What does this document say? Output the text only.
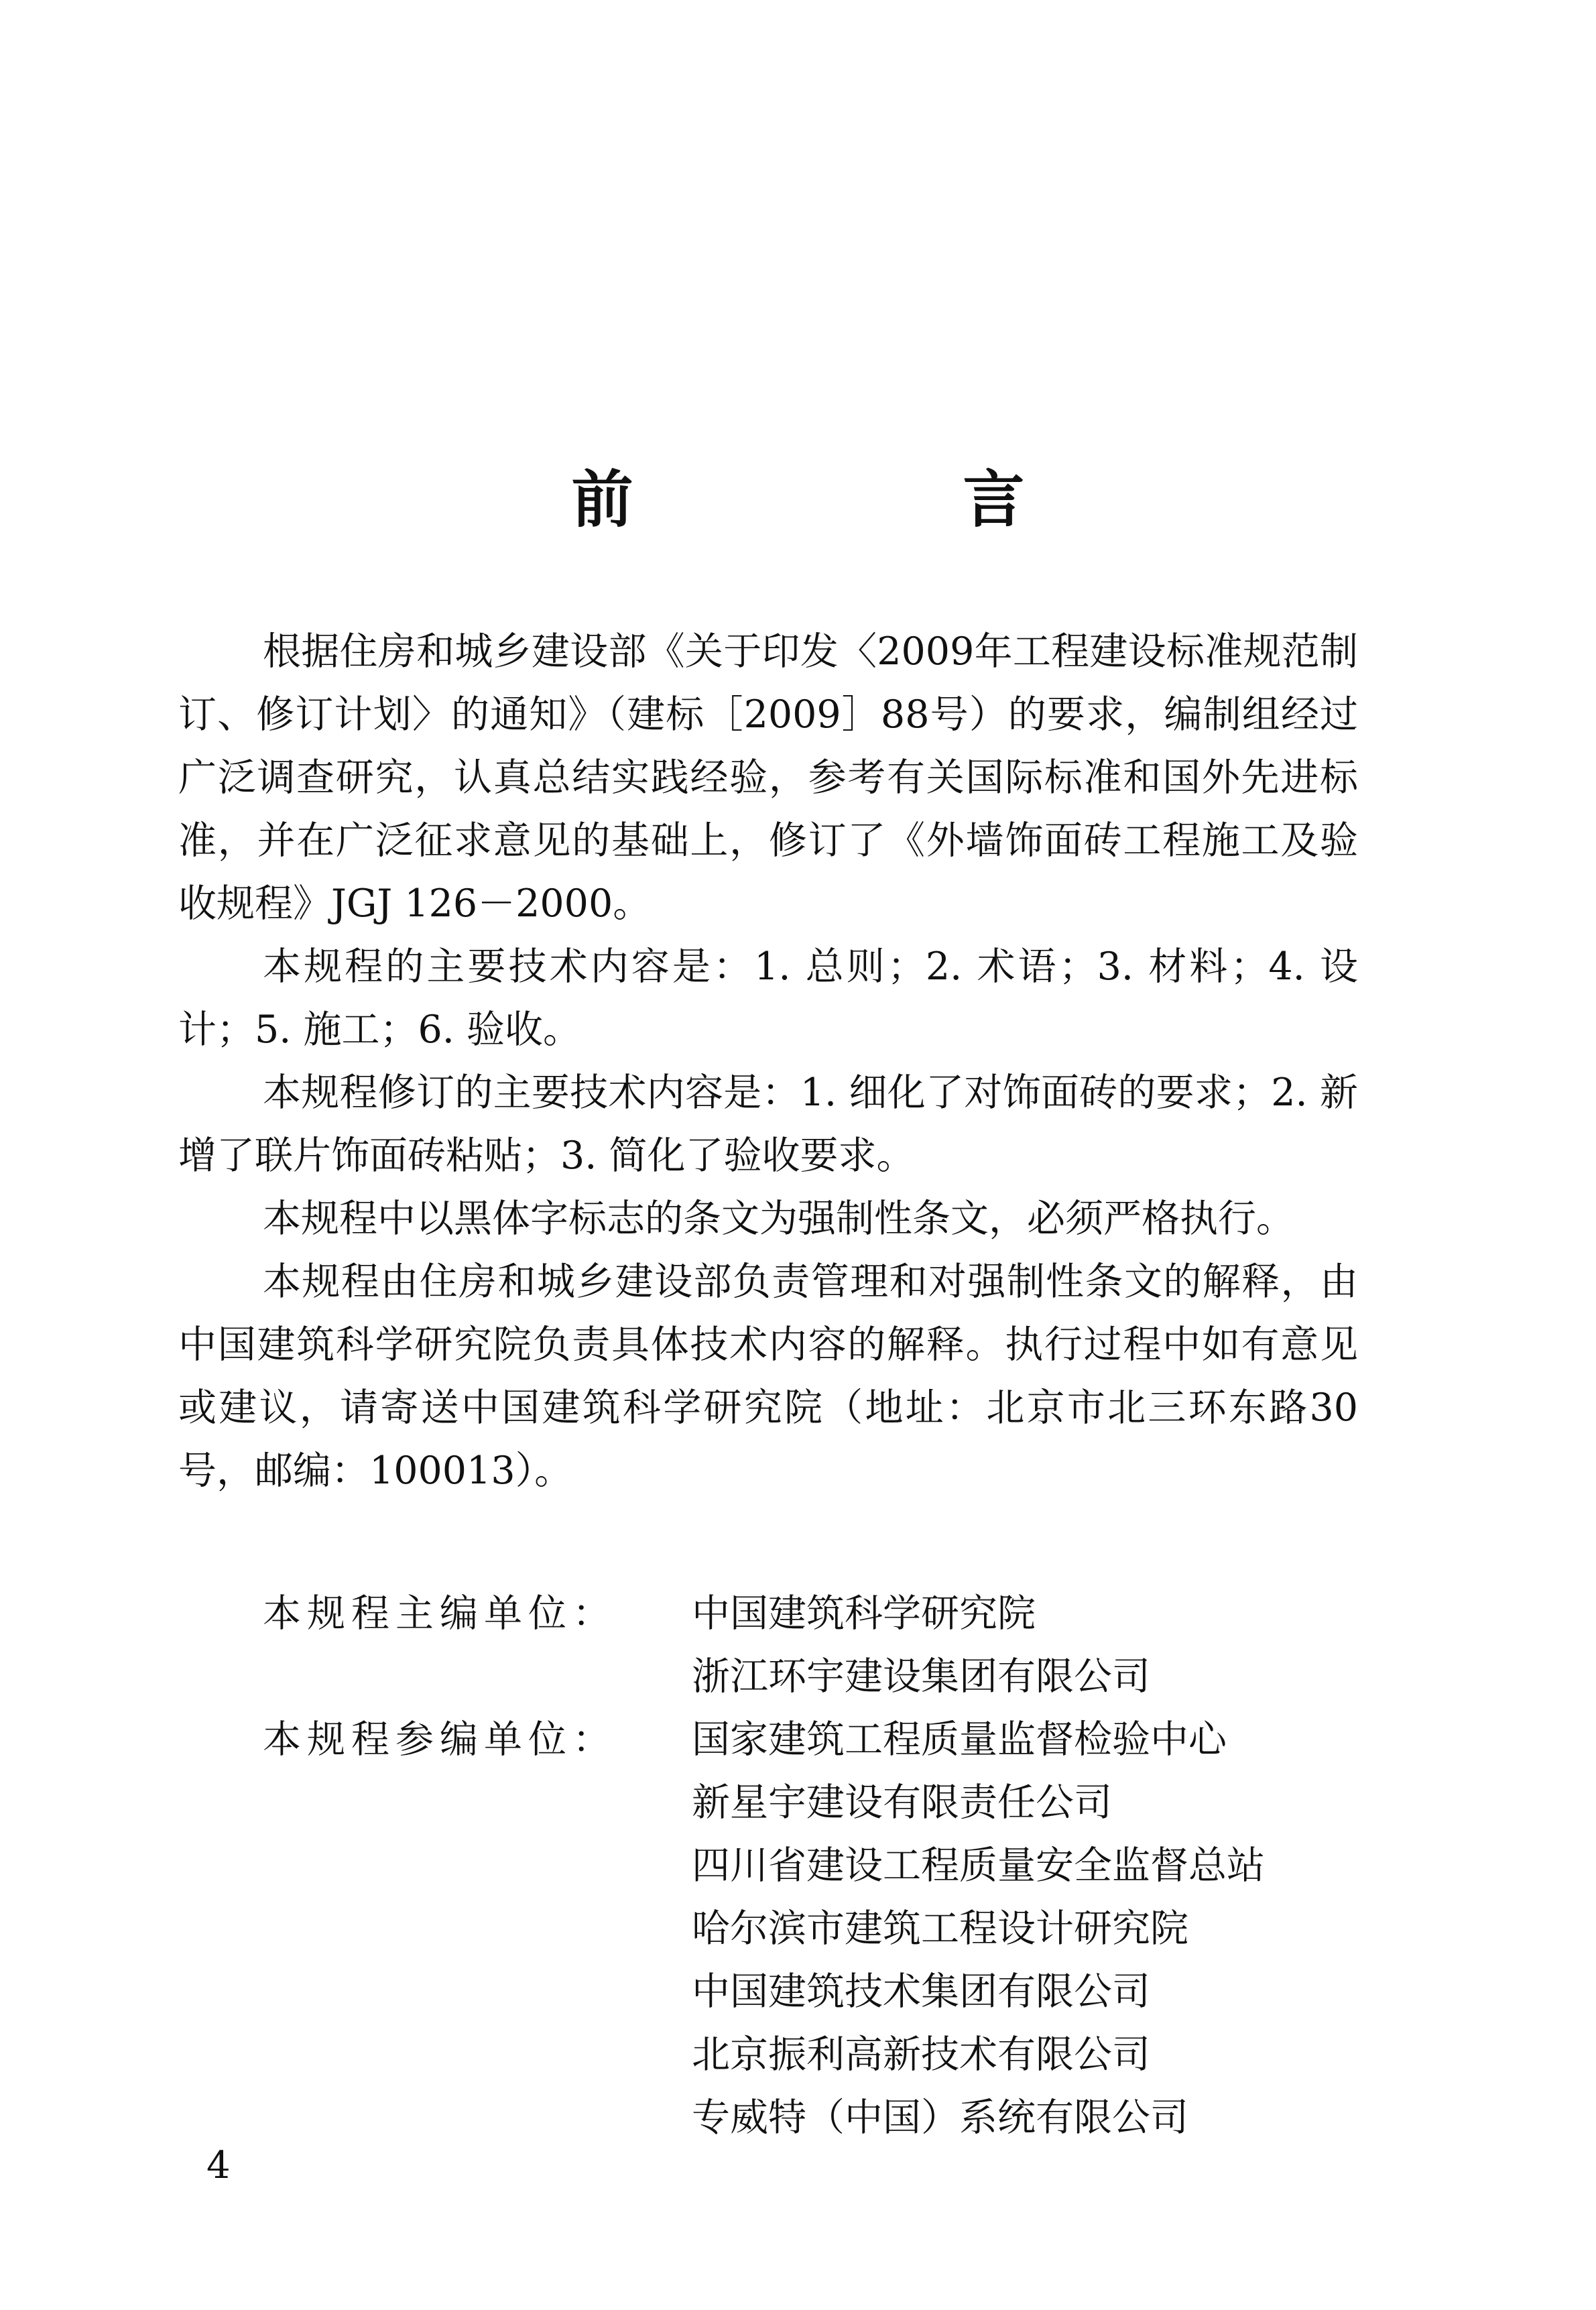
前　言

根据住房和城乡建设部《关于印发〈2009年工程建设标准规范制订、修订计划〉的通知》（建标［2009］88号）的要求，编制组经过广泛调查研究，认真总结实践经验，参考有关国际标准和国外先进标准，并在广泛征求意见的基础上，修订了《外墙饰面砖工程施工及验收规程》JGJ 126－2000。

本规程的主要技术内容是：1. 总则；2. 术语；3. 材料；4. 设计；5. 施工；6. 验收。

本规程修订的主要技术内容是：1. 细化了对饰面砖的要求；2. 新增了联片饰面砖粘贴；3. 简化了验收要求。

本规程中以黑体字标志的条文为强制性条文，必须严格执行。

本规程由住房和城乡建设部负责管理和对强制性条文的解释，由中国建筑科学研究院负责具体技术内容的解释。执行过程中如有意见或建议，请寄送中国建筑科学研究院（地址：北京市北三环东路30号，邮编：100013）。

本规程主编单位：	中国建筑科学研究院
浙江环宇建设集团有限公司
本规程参编单位：	国家建筑工程质量监督检验中心
新星宇建设有限责任公司
四川省建设工程质量安全监督总站
哈尔滨市建筑工程设计研究院
中国建筑技术集团有限公司
北京振利高新技术有限公司
专威特（中国）系统有限公司
4
